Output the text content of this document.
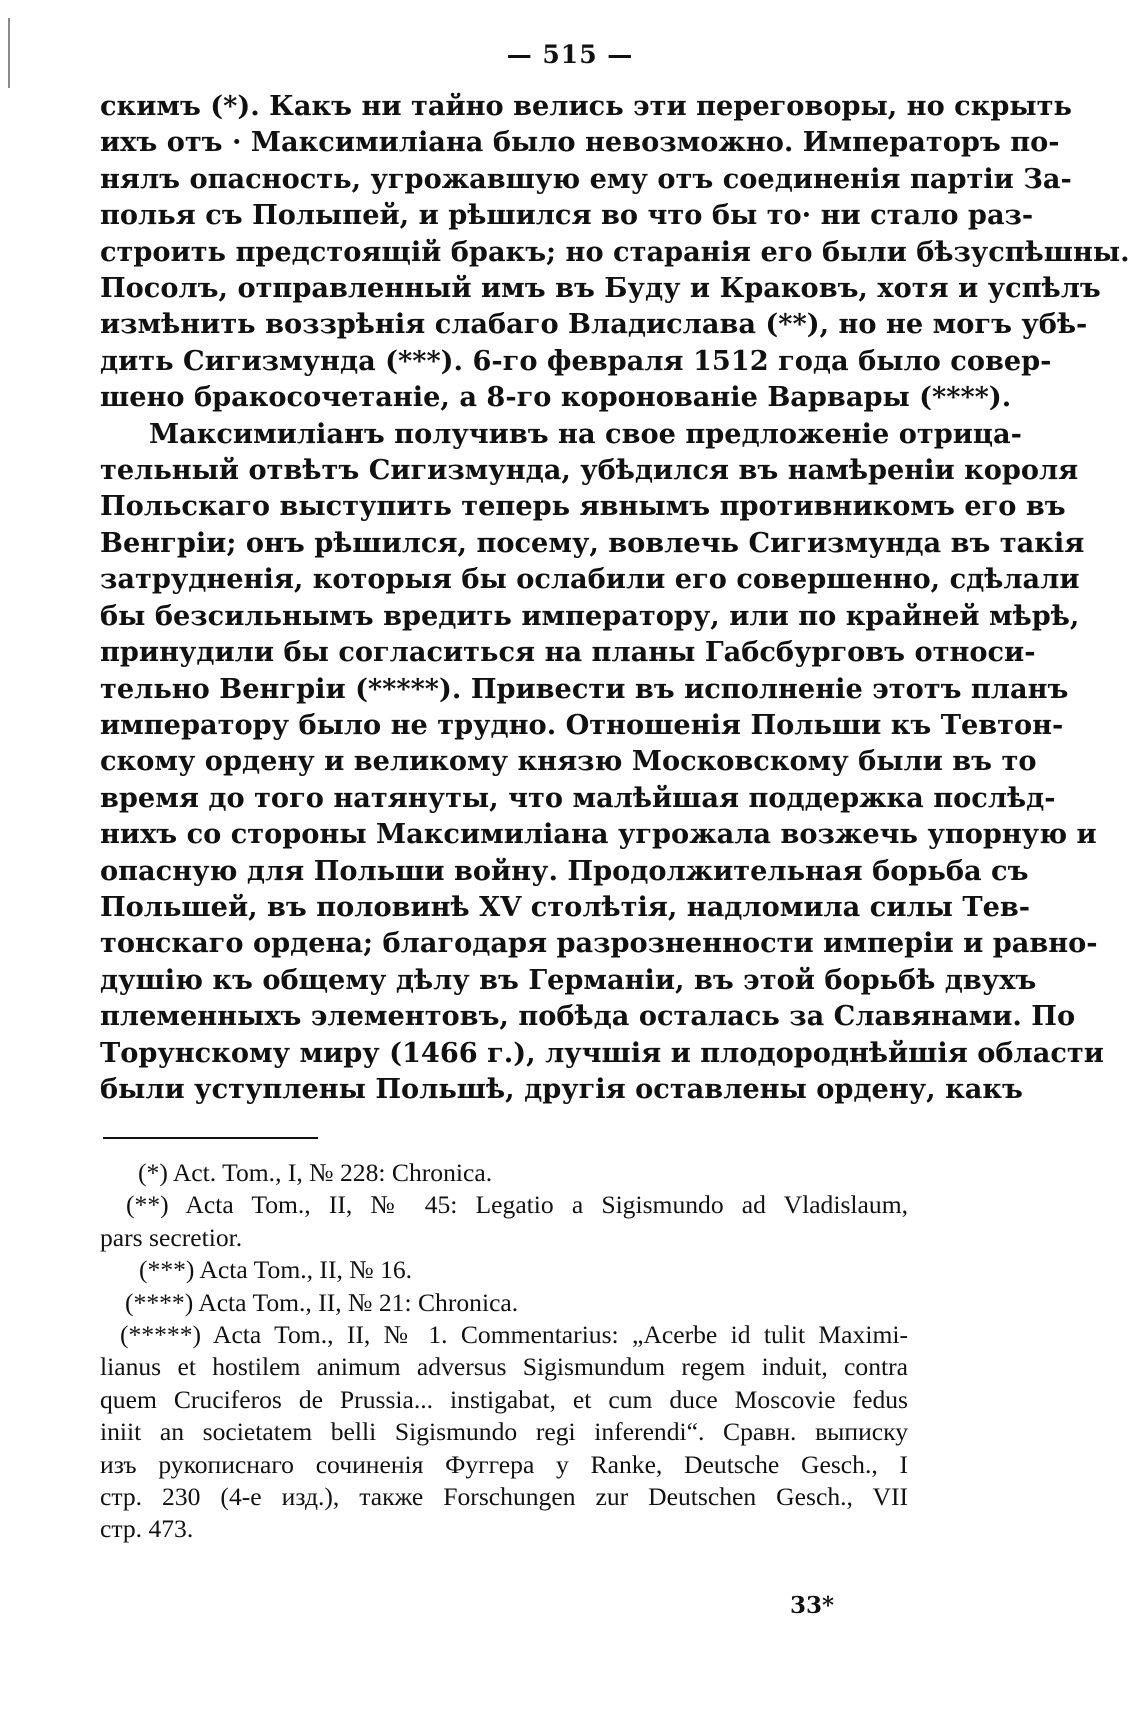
— 515 —
скимъ (*). Какъ ни тайно велись эти переговоры, но скрыть
ихъ отъ · Максимиліана было невозможно. Императоръ по-
нялъ опасность, угрожавшую ему отъ соединенія партіи За-
полья съ Полыпей, и рѣшился во что бы то· ни стало раз-
строить предстоящій бракъ; но старанія его были бѣзуспѣшны.
Посолъ, отправленный имъ въ Буду и Краковъ, хотя и успѣлъ
измѣнить воззрѣнія слабаго Владислава (**), но не могъ убѣ-
дить Сигизмунда (***). 6-го февраля 1512 года было совер-
шено бракосочетаніе, а 8-го коронованіе Варвары (****).
Максимиліанъ получивъ на свое предложеніе отрица-
тельный отвѣтъ Сигизмунда, убѣдился въ намѣреніи короля
Польскаго выступить теперь явнымъ противникомъ его въ
Венгріи; онъ рѣшился, посему, вовлечь Сигизмунда въ такія
затрудненія, которыя бы ослабили его совершенно, сдѣлали
бы безсильнымъ вредить императору, или по крайней мѣрѣ,
принудили бы согласиться на планы Габсбурговъ относи-
тельно Венгріи (*****). Привести въ исполненіе этотъ планъ
императору было не трудно. Отношенія Польши къ Тевтон-
скому ордену и великому князю Московскому были въ то
время до того натянуты, что малѣйшая поддержка послѣд-
нихъ со стороны Максимиліана угрожала возжечь упорную и
опасную для Польши войну. Продолжительная борьба съ
Польшей, въ половинѣ XV столѣтія, надломила силы Тев-
тонскаго ордена; благодаря разрозненности имперіи и равно-
душію къ общему дѣлу въ Германіи, въ этой борьбѣ двухъ
племенныхъ элементовъ, побѣда осталась за Славянами. По
Торунскому миру (1466 г.), лучшія и плодороднѣйшія области
были уступлены Польшѣ, другія оставлены ордену, какъ
(*) Act. Tom., I, № 228: Chronica.
(**) Acta Tom., II, № 45: Legatio a Sigismundo ad Vladislaum,
pars secretior.
(***) Acta Tom., II, № 16.
(****) Acta Tom., II, № 21: Chronica.
(*****) Acta Tom., II, № 1. Commentarius: „Acerbe id tulit Maximi-
lianus et hostilem animum adversus Sigismundum regem induit, contra
quem Cruciferos de Prussia... instigabat, et cum duce Moscovie fedus
iniit an societatem belli Sigismundo regi inferendi“. Сравн. выписку
изъ рукописнаго сочиненія Фуггера у Ranke, Deutsche Gesch., I
стр. 230 (4-е изд.), также Forschungen zur Deutschen Gesch., VII
стр. 473.
33*
